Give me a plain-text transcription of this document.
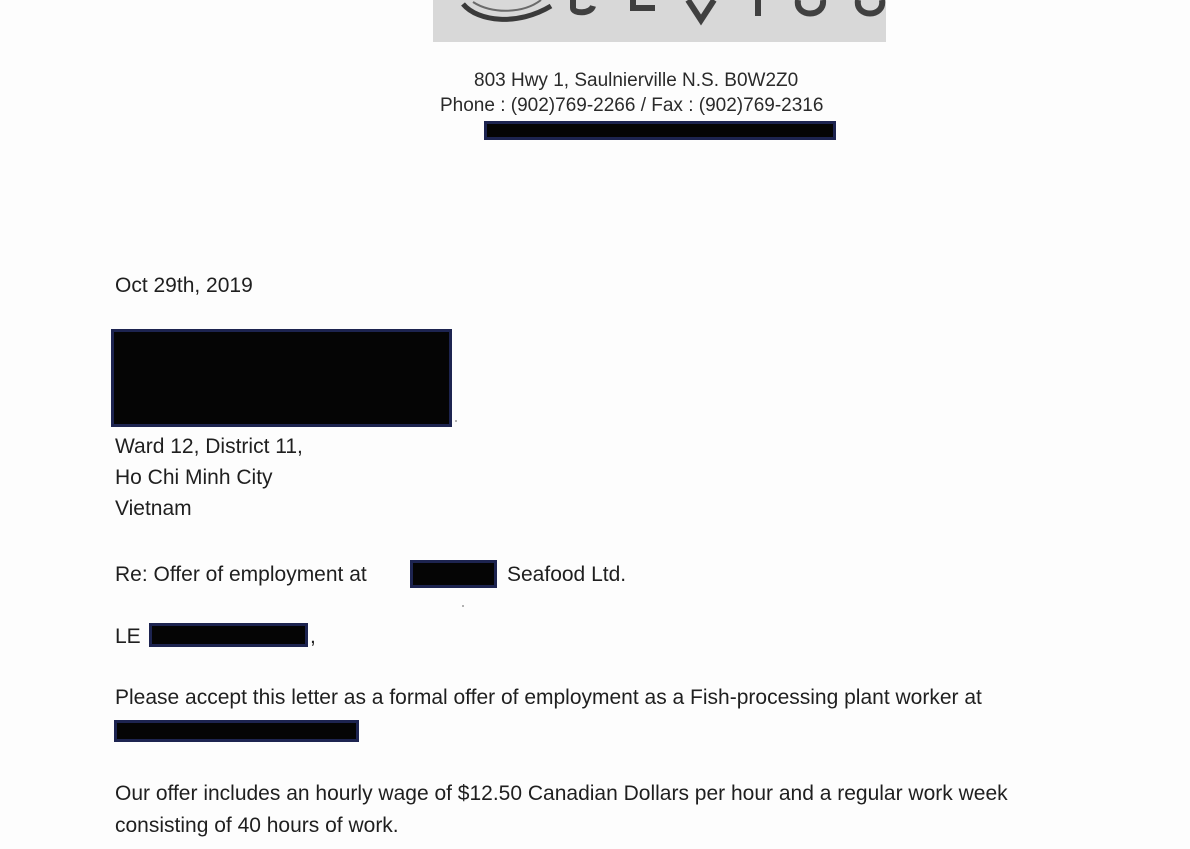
803 Hwy 1, Saulnierville N.S. B0W2Z0

Phone : (902)769-2266 / Fax : (902)769-2316

Oct 29th, 2019

Ward 12, District 11,

Ho Chi Minh City

Vietnam

Re: Offer of employment at	Seafood Ltd.

LE	,

Please accept this letter as a formal offer of employment as a Fish-processing plant worker at

Our offer includes an hourly wage of $12.50 Canadian Dollars per hour and a regular work week

consisting of 40 hours of work.
